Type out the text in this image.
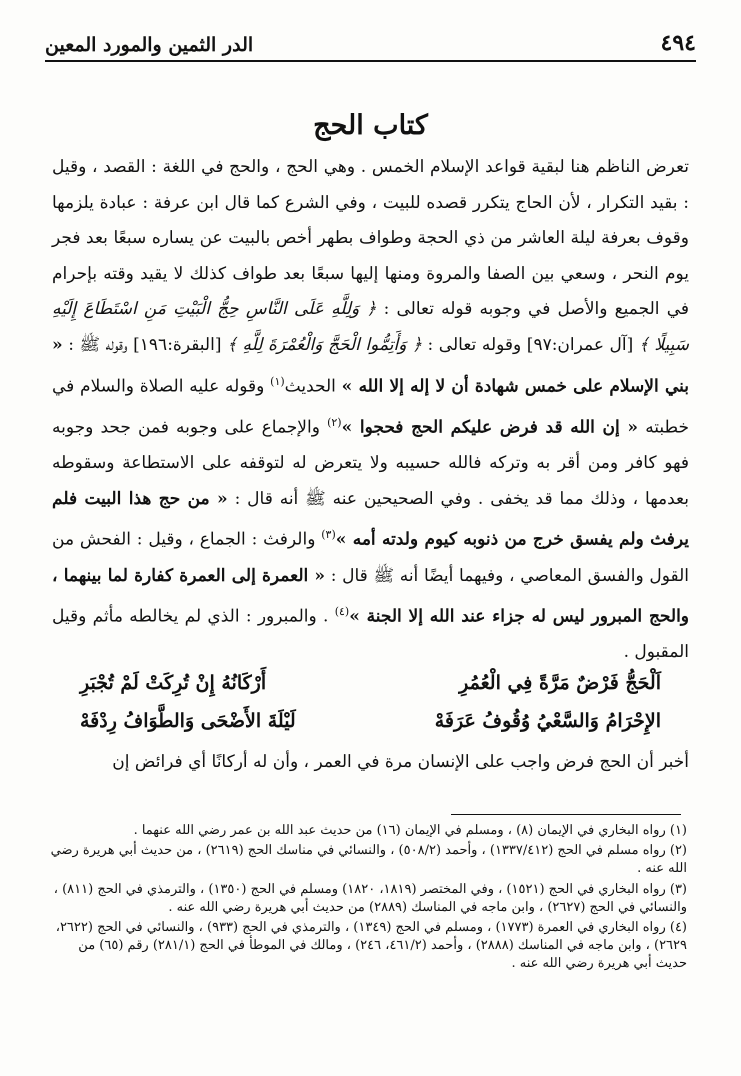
٤٩٤
الدر الثمين والمورد المعين
كتاب الحج

تعرض الناظم هنا لبقية قواعد الإسلام الخمس . وهي الحج ، والحج في اللغة : القصد ، وقيل : بقيد التكرار ، لأن الحاج يتكرر قصده للبيت ، وفي الشرع كما قال ابن عرفة : عبادة يلزمها وقوف بعرفة ليلة العاشر من ذي الحجة وطواف بطهر أخص بالبيت عن يساره سبعًا بعد فجر يوم النحر ، وسعي بين الصفا والمروة ومنها إليها سبعًا بعد طواف كذلك لا يقيد وقته بإحرام في الجميع والأصل في وجوبه قوله تعالى : ﴿ وَلِلَّهِ عَلَى النَّاسِ حِجُّ الْبَيْتِ مَنِ اسْتَطَاعَ إِلَيْهِ سَبِيلًا ﴾ [آل عمران:٩٧] وقوله تعالى : ﴿ وَأَتِمُّوا الْحَجَّ وَالْعُمْرَةَ لِلَّهِ ﴾ [البقرة:١٩٦] وقوله ﷺ : « بني الإسلام على خمس شهادة أن لا إله إلا الله » الحديث$^{(١)}$ وقوله عليه الصلاة والسلام في خطبته « إن الله قد فرض عليكم الحج فحجوا »$^{(٢)}$ والإجماع على وجوبه فمن جحد وجوبه فهو كافر ومن أقر به وتركه فالله حسيبه ولا يتعرض له لتوقفه على الاستطاعة وسقوطه بعدمها ، وذلك مما قد يخفى . وفي الصحيحين عنه ﷺ أنه قال : « من حج هذا البيت فلم يرفث ولم يفسق خرج من ذنوبه كيوم ولدته أمه »$^{(٣)}$ والرفث : الجماع ، وقيل : الفحش من القول والفسق المعاصي ، وفيهما أيضًا أنه ﷺ قال : « العمرة إلى العمرة كفارة لما بينهما ، والحج المبرور ليس له جزاء عند الله إلا الجنة »$^{(٤)}$ . والمبرور : الذي لم يخالطه مأثم وقيل المقبول .

اَلْحَجُّ فَرْضٌ مَرَّةً فِي الْعُمُرِ
أَرْكَانُهُ إِنْ تُرِكَتْ لَمْ تُجْبَرِ
الإِحْرَامُ وَالسَّعْيُ وُقُوفُ عَرَفَهْ
لَيْلَةَ الأَضْحَى وَالطَّوَافُ رِدْفَهْ
أخبر أن الحج فرض واجب على الإنسان مرة في العمر ، وأن له أركانًا أي فرائض إن

(١) رواه البخاري في الإيمان (٨) ، ومسلم في الإيمان (١٦) من حديث عبد الله بن عمر رضي الله عنهما .

(٢) رواه مسلم في الحج (١٣٣٧/٤١٢) ، وأحمد (٥٠٨/٢) ، والنسائي في مناسك الحج (٢٦١٩) ، من حديث أبي هريرة رضي الله عنه .

(٣) رواه البخاري في الحج (١٥٢١) ، وفي المختصر (١٨١٩، ١٨٢٠) ومسلم في الحج (١٣٥٠) ، والترمذي في الحج (٨١١) ، والنسائي في الحج (٢٦٢٧) ، وابن ماجه في المناسك (٢٨٨٩) من حديث أبي هريرة رضي الله عنه .

(٤) رواه البخاري في العمرة (١٧٧٣) ، ومسلم في الحج (١٣٤٩) ، والترمذي في الحج (٩٣٣) ، والنسائي في الحج (٢٦٢٢، ٢٦٢٩) ، وابن ماجه في المناسك (٢٨٨٨) ، وأحمد (٤٦١/٢، ٢٤٦) ، ومالك في الموطأ في الحج (٢٨١/١) رقم (٦٥) من حديث أبي هريرة رضي الله عنه .
